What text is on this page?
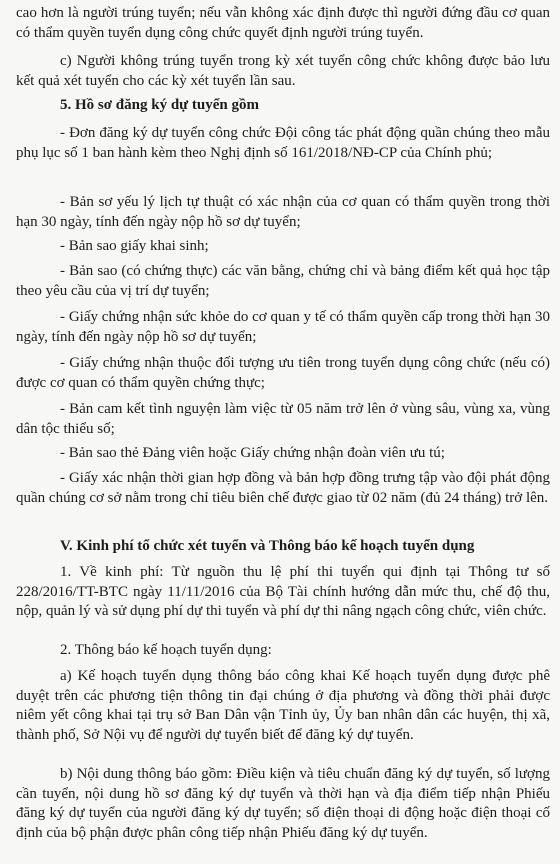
cao hơn là người trúng tuyển; nếu vẫn không xác định được thì người đứng đầu cơ quan có thẩm quyền tuyển dụng công chức quyết định người trúng tuyển.

c) Người không trúng tuyển trong kỳ xét tuyển công chức không được bảo lưu kết quả xét tuyển cho các kỳ xét tuyển lần sau.

5. Hồ sơ đăng ký dự tuyển gồm

- Đơn đăng ký dự tuyển công chức Đội công tác phát động quần chúng theo mẫu phụ lục số 1 ban hành kèm theo Nghị định số 161/2018/NĐ-CP của Chính phủ;

- Bản sơ yếu lý lịch tự thuật có xác nhận của cơ quan có thẩm quyền trong thời hạn 30 ngày, tính đến ngày nộp hồ sơ dự tuyển;

- Bản sao giấy khai sinh;

- Bản sao (có chứng thực) các văn bằng, chứng chỉ và bảng điểm kết quả học tập theo yêu cầu của vị trí dự tuyển;

- Giấy chứng nhận sức khỏe do cơ quan y tế có thẩm quyền cấp trong thời hạn 30 ngày, tính đến ngày nộp hồ sơ dự tuyển;

- Giấy chứng nhận thuộc đối tượng ưu tiên trong tuyển dụng công chức (nếu có) được cơ quan có thẩm quyền chứng thực;

- Bản cam kết tình nguyện làm việc từ 05 năm trở lên ở vùng sâu, vùng xa, vùng dân tộc thiểu số;

- Bản sao thẻ Đảng viên hoặc Giấy chứng nhận đoàn viên ưu tú;

- Giấy xác nhận thời gian hợp đồng và bản hợp đồng trưng tập vào đội phát động quần chúng cơ sở nằm trong chỉ tiêu biên chế được giao từ 02 năm (đủ 24 tháng) trở lên.

V. Kinh phí tổ chức xét tuyển và Thông báo kế hoạch tuyển dụng

1. Về kinh phí: Từ nguồn thu lệ phí thi tuyển qui định tại Thông tư số 228/2016/TT-BTC ngày 11/11/2016 của Bộ Tài chính hướng dẫn mức thu, chế độ thu, nộp, quản lý và sử dụng phí dự thi tuyển và phí dự thi nâng ngạch công chức, viên chức.

2. Thông báo kế hoạch tuyển dụng:

a) Kế hoạch tuyển dụng thông báo công khai Kế hoạch tuyển dụng được phê duyệt trên các phương tiện thông tin đại chúng ở địa phương và đồng thời phải được niêm yết công khai tại trụ sở Ban Dân vận Tỉnh ủy, Ủy ban nhân dân các huyện, thị xã, thành phố, Sở Nội vụ để người dự tuyển biết để đăng ký dự tuyển.

b) Nội dung thông báo gồm: Điều kiện và tiêu chuẩn đăng ký dự tuyển, số lượng cần tuyển, nội dung hồ sơ đăng ký dự tuyển và thời hạn và địa điểm tiếp nhận Phiếu đăng ký dự tuyển của người đăng ký dự tuyển; số điện thoại di động hoặc điện thoại cố định của bộ phận được phân công tiếp nhận Phiếu đăng ký dự tuyển.
